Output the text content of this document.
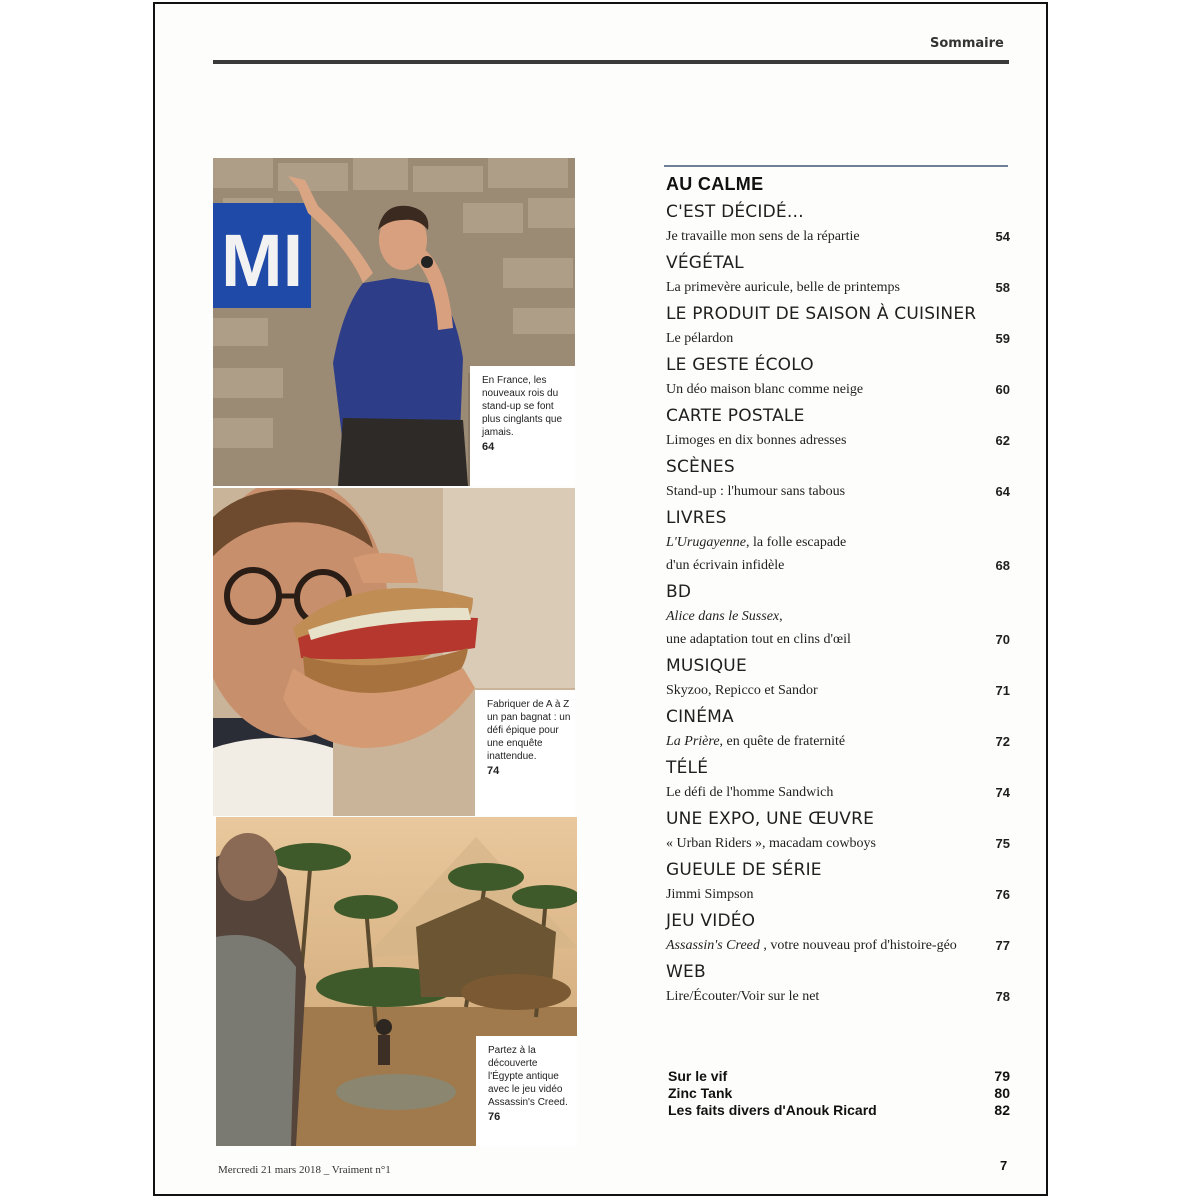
Sommaire
MI
En France, les nouveaux rois du stand-up se font plus cinglants que jamais.
64
Fabriquer de A à Z un pan bagnat : un défi épique pour une enquête inattendue.
74
Partez à la découverte l'Égypte antique avec le jeu vidéo Assassin's Creed.
76
AU CALME
C'EST DÉCIDÉ…
Je travaille mon sens de la répartie	54
VÉGÉTAL
La primevère auricule, belle de printemps	58
LE PRODUIT DE SAISON À CUISINER
Le pélardon	59
LE GESTE ÉCOLO
Un déo maison blanc comme neige	60
CARTE POSTALE
Limoges en dix bonnes adresses	62
SCÈNES
Stand-up : l'humour sans tabous	64
LIVRES
L'Urugayenne, la folle escapade
d'un écrivain infidèle	68
BD
Alice dans le Sussex,
une adaptation tout en clins d'œil	70
MUSIQUE
Skyzoo, Repicco et Sandor	71
CINÉMA
La Prière, en quête de fraternité	72
TÉLÉ
Le défi de l'homme Sandwich	74
UNE EXPO, UNE ŒUVRE
« Urban Riders », macadam cowboys	75
GUEULE DE SÉRIE
Jimmi Simpson	76
JEU VIDÉO
Assassin's Creed , votre nouveau prof d'histoire-géo	77
WEB
Lire/Écouter/Voir sur le net	78
Sur le vif	79
Zinc Tank	80
Les faits divers d'Anouk Ricard	82
Mercredi 21 mars 2018 _ Vraiment n°1	7
